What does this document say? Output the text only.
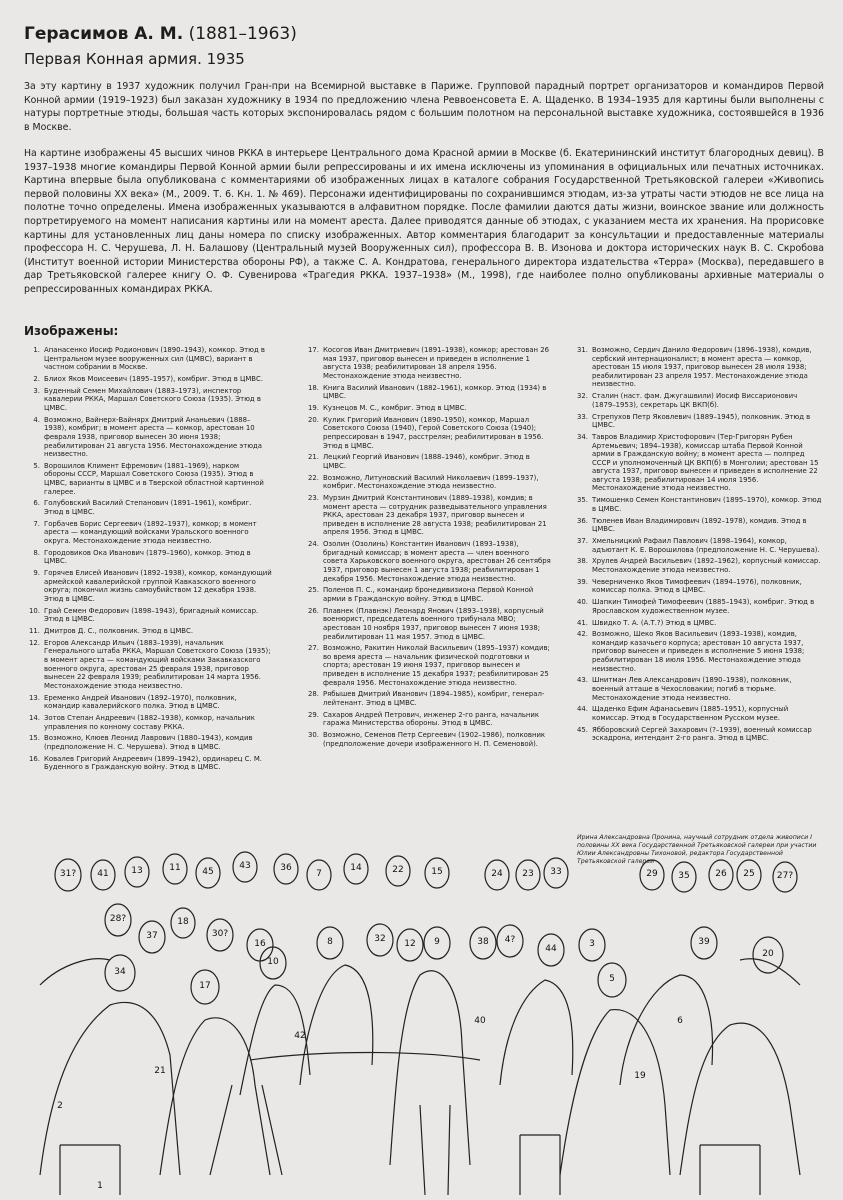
Герасимов А. М. (1881–1963)
Первая Конная армия. 1935

За эту картину в 1937 художник получил Гран-при на Всемирной выставке в Париже. Групповой парадный портрет организаторов и командиров Первой Конной армии (1919–1923) был заказан художнику в 1934 по предложению члена Реввоенсовета Е. А. Щаденко. В 1934–1935 для картины были выполнены с натуры портретные этюды, большая часть которых экспонировалась рядом с большим полотном на персональной выставке художника, состоявшейся в 1936 в Москве.

На картине изображены 45 высших чинов РККА в интерьере Центрального дома Красной армии в Москве (б. Екатерининский институт благородных девиц). В 1937–1938 многие командиры Первой Конной армии были репрессированы и их имена исключены из упоминания в официальных или печатных источниках. Картина впервые была опубликована с комментариями об изображенных лицах в каталоге собрания Государственной Третьяковской галереи «Живопись первой половины XX века» (М., 2009. Т. 6. Кн. 1. № 469). Персонажи идентифицированы по сохранившимся этюдам, из-за утраты части этюдов не все лица на полотне точно определены. Имена изображенных указываются в алфавитном порядке. После фамилии даются даты жизни, воинское звание или должность портретируемого на момент написания картины или на момент ареста. Далее приводятся данные об этюдах, с указанием места их хранения. На прорисовке картины для установленных лиц даны номера по списку изображенных. Автор комментария благодарит за консультации и предоставленные материалы профессора Н. С. Черушева, Л. Н. Балашову (Центральный музей Вооруженных сил), профессора В. В. Изонова и доктора исторических наук В. С. Скробова (Институт военной истории Министерства обороны РФ), а также С. А. Кондратова, генерального директора издательства «Терра» (Москва), передавшего в дар Третьяковской галерее книгу О. Ф. Сувенирова «Трагедия РККА. 1937–1938» (М., 1998), где наиболее полно опубликованы архивные материалы о репрессированных командирах РККА.

Изображены:
1. Апанасенко Иосиф Родионович (1890–1943), комкор. Этюд в Центральном музее вооруженных сил (ЦМВС), вариант в частном собрании в Москве.
2. Блиох Яков Моисеевич (1895–1957), комбриг. Этюд в ЦМВС.
3. Буденный Семен Михайлович (1883–1973), инспектор кавалерии РККА, Маршал Советского Союза (1935). Этюд в ЦМВС.
4. Возможно, Вайнерх-Вайнярх Дмитрий Ананьевич (1888–1938), комбриг; в момент ареста — комкор, арестован 10 февраля 1938, приговор вынесен 30 июня 1938; реабилитирован 21 августа 1956. Местонахождение этюда неизвестно.
5. Ворошилов Климент Ефремович (1881–1969), нарком обороны СССР, Маршал Советского Союза (1935). Этюд в ЦМВС, варианты в ЦМВС и в Тверской областной картинной галерее.
6. Голубовский Василий Степанович (1891–1961), комбриг. Этюд в ЦМВС.
7. Горбачев Борис Сергеевич (1892–1937), комкор; в момент ареста — командующий войсками Уральского военного округа. Местонахождение этюда неизвестно.
8. Городовиков Ока Иванович (1879–1960), комкор. Этюд в ЦМВС.
9. Горячев Елисей Иванович (1892–1938), комкор, командующий армейской кавалерийской группой Кавказского военного округа; покончил жизнь самоубийством 12 декабря 1938. Этюд в ЦМВС.
10. Грай Семен Федорович (1898–1943), бригадный комиссар. Этюд в ЦМВС.
11. Дмитров Д. С., полковник. Этюд в ЦМВС.
12. Егоров Александр Ильич (1883–1939), начальник Генерального штаба РККА, Маршал Советского Союза (1935); в момент ареста — командующий войсками Закавказского военного округа, арестован 25 февраля 1938, приговор вынесен 22 февраля 1939; реабилитирован 14 марта 1956. Местонахождение этюда неизвестно.
13. Еременко Андрей Иванович (1892–1970), полковник, командир кавалерийского полка. Этюд в ЦМВС.
14. Зотов Степан Андреевич (1882–1938), комкор, начальник управления по конному составу РККА.
15. Возможно, Клюев Леонид Лаврович (1880–1943), комдив (предположение Н. С. Черушева). Этюд в ЦМВС.
16. Ковалев Григорий Андреевич (1899–1942), ординарец С. М. Буденного в Гражданскую войну. Этюд в ЦМВС.
17. Косогов Иван Дмитриевич (1891–1938), комкор; арестован 26 мая 1937, приговор вынесен и приведен в исполнение 1 августа 1938; реабилитирован 18 апреля 1956. Местонахождение этюда неизвестно.
18. Книга Василий Иванович (1882–1961), комкор. Этюд (1934) в ЦМВС.
19. Кузнецов М. С., комбриг. Этюд в ЦМВС.
20. Кулик Григорий Иванович (1890–1950), комкор, Маршал Советского Союза (1940), Герой Советского Союза (1940); репрессирован в 1947, расстрелян; реабилитирован в 1956. Этюд в ЦМВС.
21. Лецкий Георгий Иванович (1888–1946), комбриг. Этюд в ЦМВС.
22. Возможно, Литуновский Василий Николаевич (1899–1937), комбриг. Местонахождение этюда неизвестно.
23. Мурзин Дмитрий Константинович (1889–1938), комдив; в момент ареста — сотрудник разведывательного управления РККА, арестован 23 декабря 1937, приговор вынесен и приведен в исполнение 28 августа 1938; реабилитирован 21 апреля 1956. Этюд в ЦМВС.
24. Озолин (Озолинь) Константин Иванович (1893–1938), бригадный комиссар; в момент ареста — член военного совета Харьковского военного округа, арестован 26 сентября 1937, приговор вынесен 1 августа 1938; реабилитирован 1 декабря 1956. Местонахождение этюда неизвестно.
25. Поленов П. С., командир бронедивизиона Первой Конной армии в Гражданскую войну. Этюд в ЦМВС.
26. Плавнек (Плавнэк) Леонард Янович (1893–1938), корпусный военюрист, председатель военного трибунала МВО; арестован 10 ноября 1937, приговор вынесен 7 июня 1938; реабилитирован 11 мая 1957. Этюд в ЦМВС.
27. Возможно, Ракитин Николай Васильевич (1895–1937) комдив; во время ареста — начальник физической подготовки и спорта; арестован 19 июня 1937, приговор вынесен и приведен в исполнение 15 декабря 1937; реабилитирован 25 февраля 1956. Местонахождение этюда неизвестно.
28. Рябышев Дмитрий Иванович (1894–1985), комбриг, генерал-лейтенант. Этюд в ЦМВС.
29. Сахаров Андрей Петрович, инженер 2-го ранга, начальник гаража Министерства обороны. Этюд в ЦМВС.
30. Возможно, Семенов Петр Сергеевич (1902–1986), полковник (предположение дочери изображенного Н. П. Семеновой).
31. Возможно, Сердич Данило Федорович (1896–1938), комдив, сербский интернационалист; в момент ареста — комкор, арестован 15 июля 1937, приговор вынесен 28 июля 1938; реабилитирован 23 апреля 1957. Местонахождение этюда неизвестно.
32. Сталин (наст. фам. Джугашвили) Иосиф Виссарионович (1879–1953), секретарь ЦК ВКП(б).
33. Стрепухов Петр Яковлевич (1889–1945), полковник. Этюд в ЦМВС.
34. Тавров Владимир Христофорович (Тер-Григорян Рубен Артемьевич; 1894–1938), комиссар штаба Первой Конной армии в Гражданскую войну; в момент ареста — полпред СССР и уполномоченный ЦК ВКП(б) в Монголии; арестован 15 августа 1937, приговор вынесен и приведен в исполнение 22 августа 1938; реабилитирован 14 июля 1956. Местонахождение этюда неизвестно.
35. Тимошенко Семен Константинович (1895–1970), комкор. Этюд в ЦМВС.
36. Тюленев Иван Владимирович (1892–1978), комдив. Этюд в ЦМВС.
37. Хмельницкий Рафаил Павлович (1898–1964), комкор, адъютант К. Е. Ворошилова (предположение Н. С. Черушева).
38. Хрулев Андрей Васильевич (1892–1962), корпусный комиссар. Местонахождение этюда неизвестно.
39. Чеверниченко Яков Тимофеевич (1894–1976), полковник, комиссар полка. Этюд в ЦМВС.
40. Шапкин Тимофей Тимофеевич (1885–1943), комбриг. Этюд в Ярославском художественном музее.
41. Швидко Т. А. (А.Т.?) Этюд в ЦМВС.
42. Возможно, Шеко Яков Васильевич (1893–1938), комдив, командир казачьего корпуса; арестован 10 августа 1937, приговор вынесен и приведен в исполнение 5 июня 1938; реабилитирован 18 июля 1956. Местонахождение этюда неизвестно.
43. Шнитман Лев Александрович (1890–1938), полковник, военный атташе в Чехословакии; погиб в тюрьме. Местонахождение этюда неизвестно.
44. Щаденко Ефим Афанасьевич (1885–1951), корпусный комиссар. Этюд в Государственном Русском музее.
45. Ябборовский Сергей Захарович (?–1939), военный комиссар эскадрона, интендант 2-го ранга. Этюд в ЦМВС.
Ирина Александровна Пронина, научный сотрудник отдела живописи I половины XX века Государственной Третьяковской галереи при участии Юлии Александровны Тихоновой, редактора Государственной Третьяковской галереи
31? 41	13	11 45
43	36
7
14	22	15	24 23 33	29 35	26 25 27?
28?
37
18
30?
8	32 12	38 4?
44	3	39
34
17
10
16	9
5
20
21
40
2
42
6
19
1
